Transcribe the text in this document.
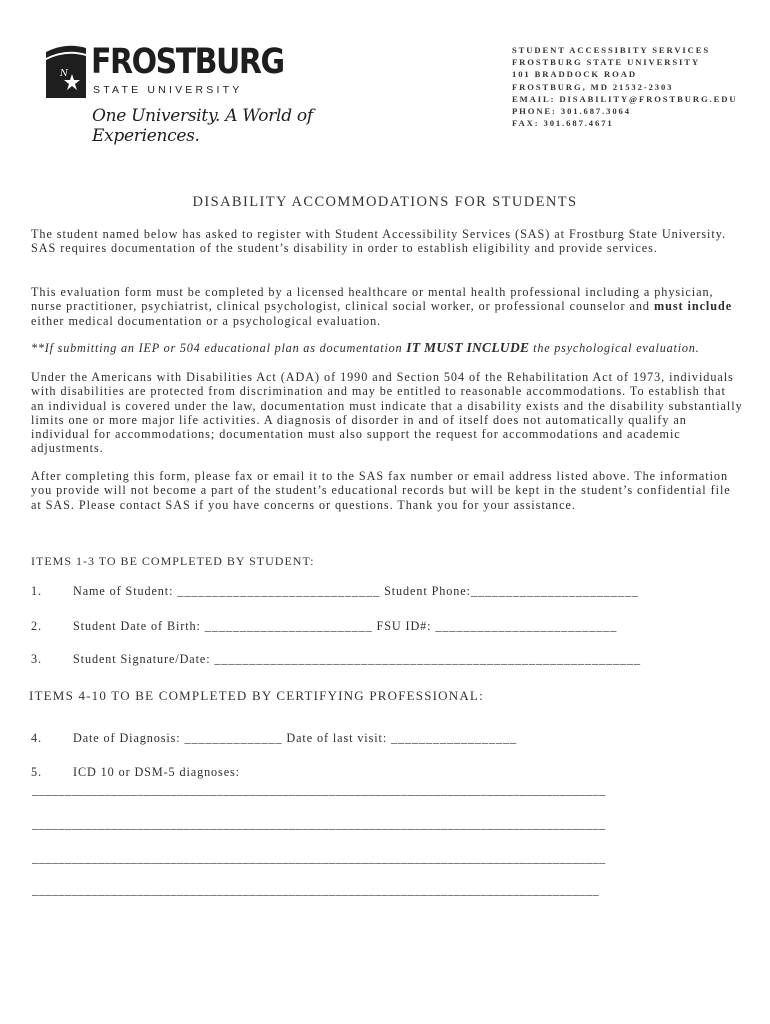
N FROSTBURG
STATE UNIVERSITY
One University. A World of Experiences.
STUDENT ACCESSIBITY SERVICES
FROSTBURG STATE UNIVERSITY
101 BRADDOCK ROAD
FROSTBURG, MD 21532-2303
EMAIL: DISABILITY@FROSTBURG.EDU
PHONE: 301.687.3064
FAX: 301.687.4671
DISABILITY ACCOMMODATIONS FOR STUDENTS
The student named below has asked to register with Student Accessibility Services (SAS) at Frostburg State University. SAS requires documentation of the student’s disability in order to establish eligibility and provide services.
This evaluation form must be completed by a licensed healthcare or mental health professional including a physician, nurse practitioner, psychiatrist, clinical psychologist, clinical social worker, or professional counselor and must include either medical documentation or a psychological evaluation.
**If submitting an IEP or 504 educational plan as documentation IT MUST INCLUDE the psychological evaluation.
Under the Americans with Disabilities Act (ADA) of 1990 and Section 504 of the Rehabilitation Act of 1973, individuals with disabilities are protected from discrimination and may be entitled to reasonable accommodations. To establish that an individual is covered under the law, documentation must indicate that a disability exists and the disability substantially limits one or more major life activities. A diagnosis of disorder in and of itself does not automatically qualify an individual for accommodations; documentation must also support the request for accommodations and academic adjustments.
After completing this form, please fax or email it to the SAS fax number or email address listed above. The information you provide will not become a part of the student’s educational records but will be kept in the student’s confidential file at SAS. Please contact SAS if you have concerns or questions. Thank you for your assistance.
ITEMS 1-3 TO BE COMPLETED BY STUDENT:
1.	Name of Student: _____________________________ Student Phone:________________________
2.	Student Date of Birth: ________________________ FSU ID#: __________________________
3.	Student Signature/Date: _____________________________________________________________
ITEMS 4-10 TO BE COMPLETED BY CERTIFYING PROFESSIONAL:
4.	Date of Diagnosis: ______________ Date of last visit: __________________
5.	ICD 10 or DSM-5 diagnoses:
_______________________________________________________________________________________
_______________________________________________________________________________________
_______________________________________________________________________________________
______________________________________________________________________________________
